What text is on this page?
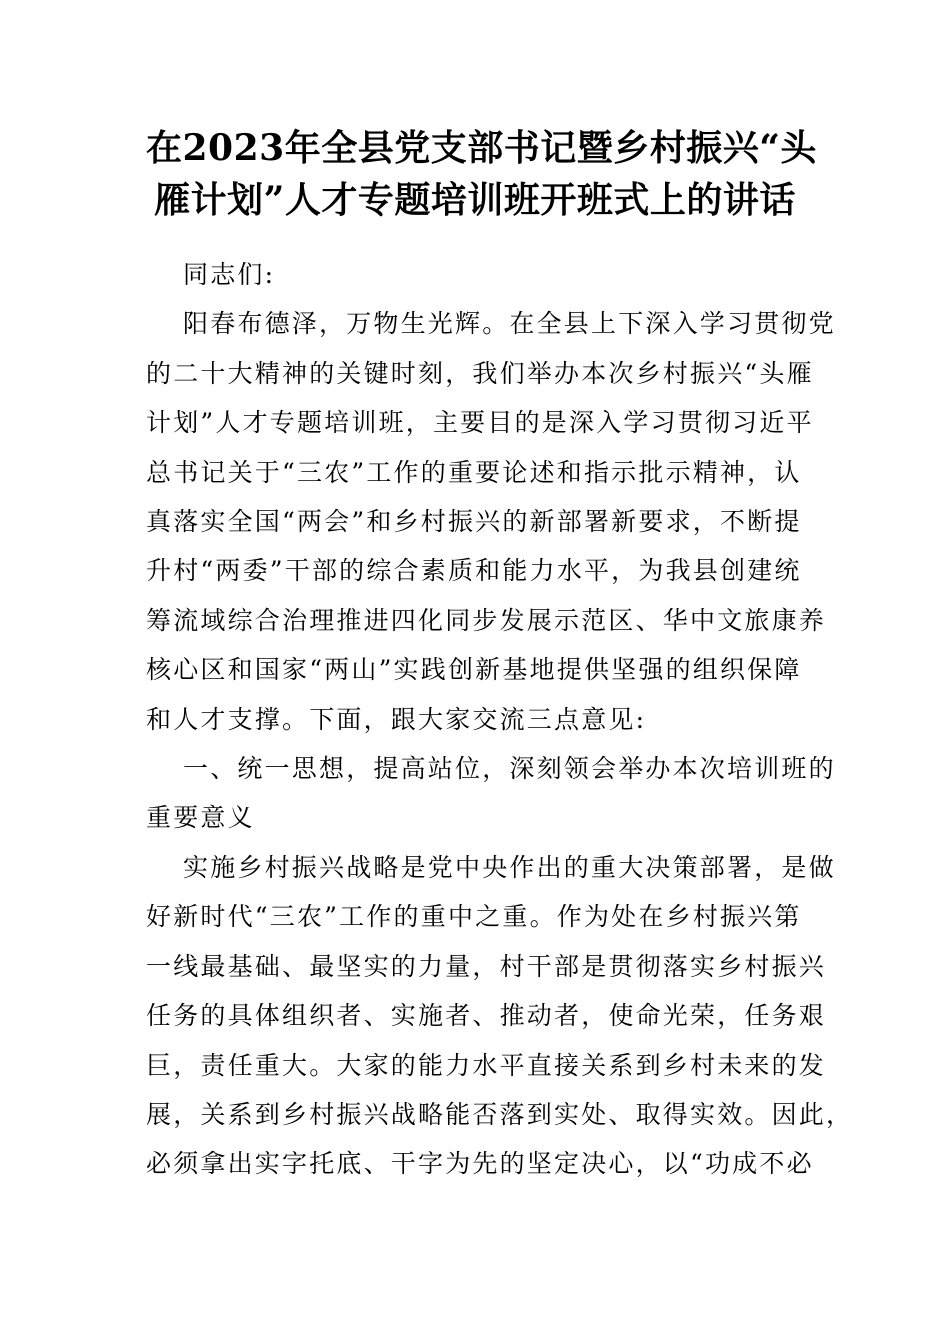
在2023年全县党支部书记暨乡村振兴“头
雁计划”人才专题培训班开班式上的讲话
同志们:
阳春布德泽，万物生光辉。在全县上下深入学习贯彻党
的二十大精神的关键时刻，我们举办本次乡村振兴“头雁
计划”人才专题培训班，主要目的是深入学习贯彻习近平
总书记关于“三农”工作的重要论述和指示批示精神，认
真落实全国“两会”和乡村振兴的新部署新要求，不断提
升村“两委”干部的综合素质和能力水平，为我县创建统
筹流域综合治理推进四化同步发展示范区、华中文旅康养
核心区和国家“两山”实践创新基地提供坚强的组织保障
和人才支撑。下面，跟大家交流三点意见:
一、统一思想，提高站位，深刻领会举办本次培训班的
重要意义
实施乡村振兴战略是党中央作出的重大决策部署，是做
好新时代“三农”工作的重中之重。作为处在乡村振兴第
一线最基础、最坚实的力量，村干部是贯彻落实乡村振兴
任务的具体组织者、实施者、推动者，使命光荣，任务艰
巨，责任重大。大家的能力水平直接关系到乡村未来的发
展，关系到乡村振兴战略能否落到实处、取得实效。因此，
必须拿出实字托底、干字为先的坚定决心，以“功成不必
